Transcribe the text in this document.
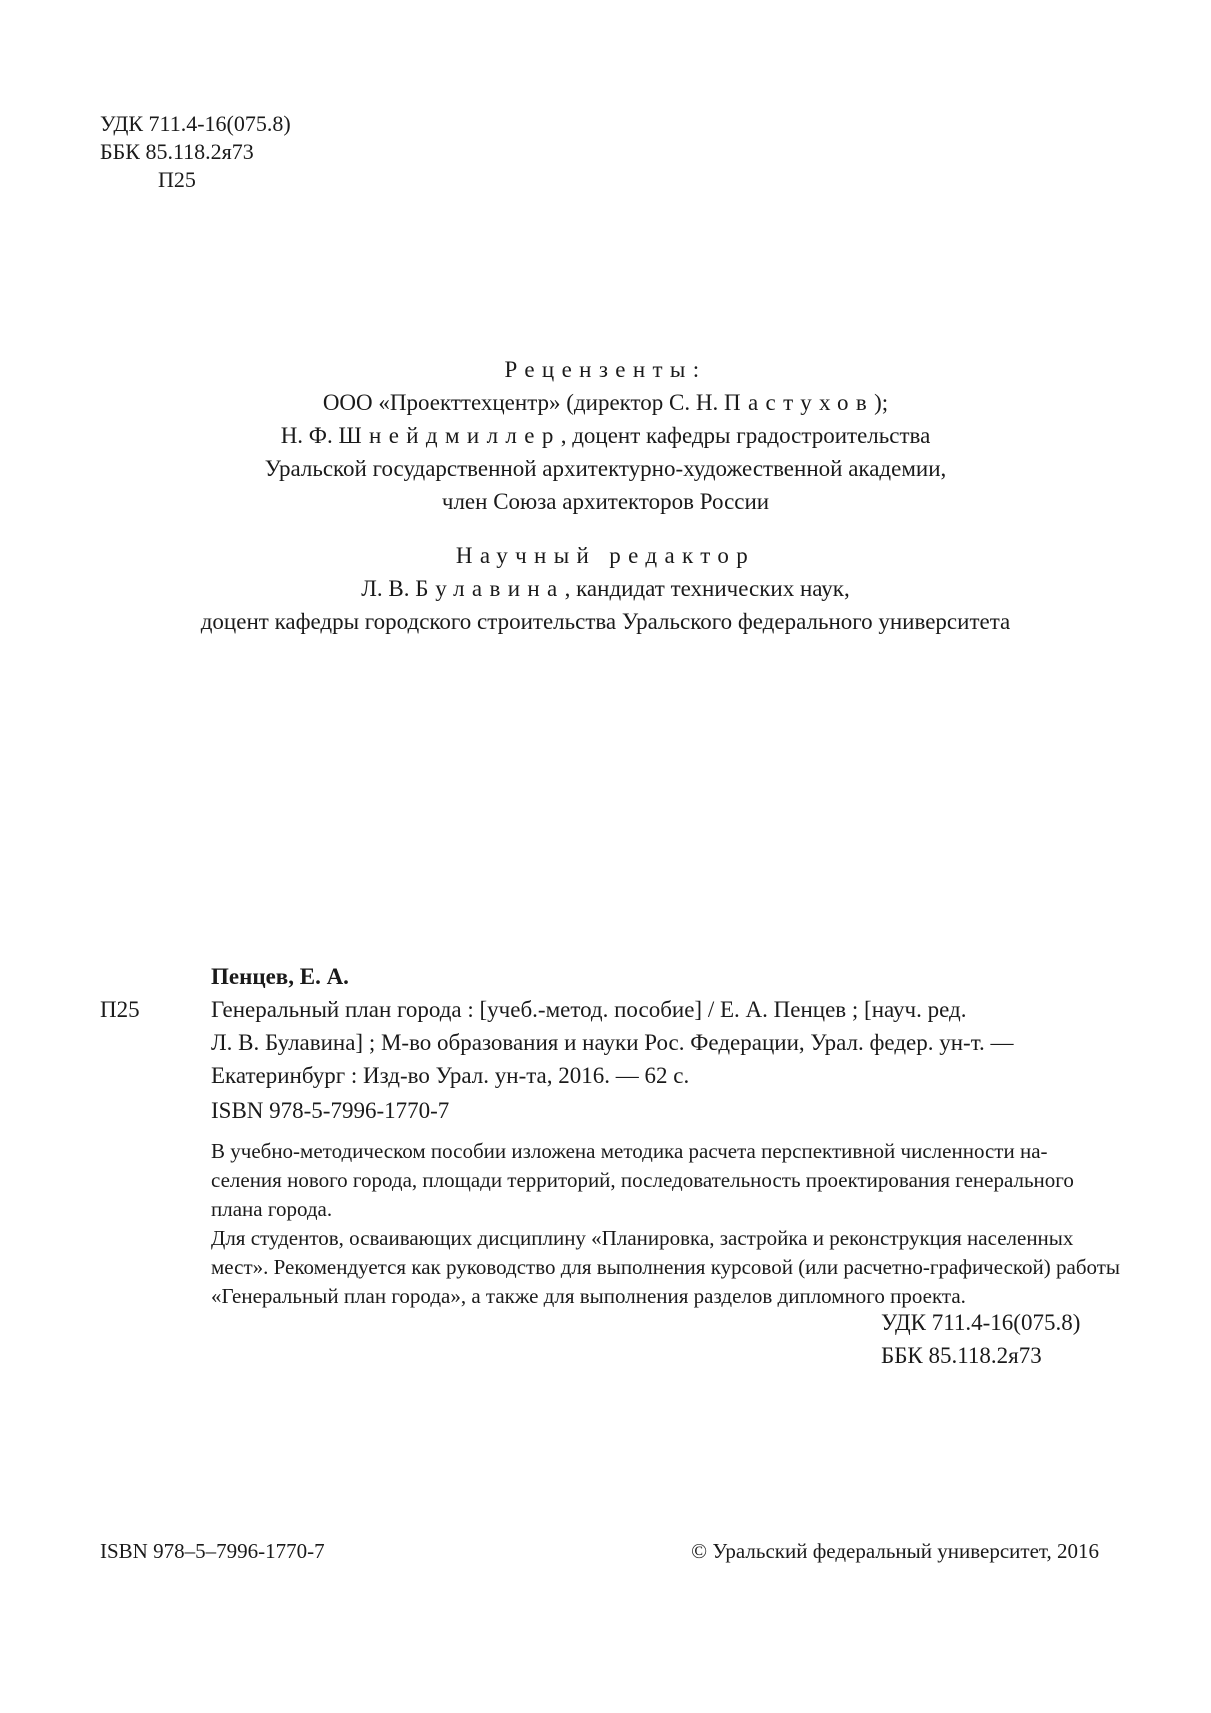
УДК 711.4-16(075.8)
ББК 85.118.2я73
П25
Рецензенты:
ООО «Проекттехцентр» (директор С. Н. Пастухов);
Н. Ф. Шнейдмиллер, доцент кафедры градостроительства
Уральской государственной архитектурно-художественной академии,
член Союза архитекторов России
Научный редактор
Л. В. Булавина, кандидат технических наук,
доцент кафедры городского строительства Уральского федерального университета
Пенцев, Е. А.
П25	Генеральный план города : [учеб.-метод. пособие] / Е. А. Пенцев ; [науч. ред.
Л. В. Булавина] ; М-во образования и науки Рос. Федерации, Урал. федер. ун-т. —
Екатеринбург : Изд-во Урал. ун-та, 2016. — 62 с.
ISBN 978-5-7996-1770-7

В учебно-методическом пособии изложена методика расчета перспективной численности на-
селения нового города, площади территорий, последовательность проектирования генерального
плана города.

Для студентов, осваивающих дисциплину «Планировка, застройка и реконструкция населенных
мест». Рекомендуется как руководство для выполнения курсовой (или расчетно-графической) работы
«Генеральный план города», а также для выполнения разделов дипломного проекта.

УДК 711.4-16(075.8)
ББК 85.118.2я73
ISBN 978–5–7996-1770-7	© Уральский федеральный университет, 2016
